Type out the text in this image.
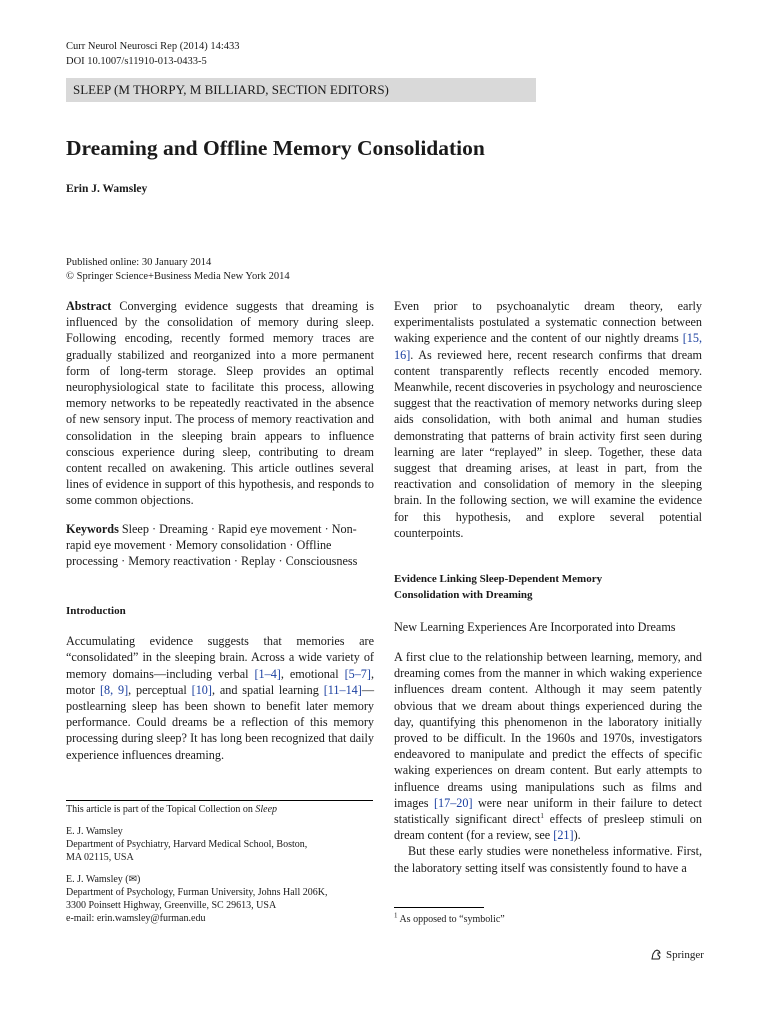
Curr Neurol Neurosci Rep (2014) 14:433
DOI 10.1007/s11910-013-0433-5
SLEEP (M THORPY, M BILLIARD, SECTION EDITORS)
Dreaming and Offline Memory Consolidation
Erin J. Wamsley
Published online: 30 January 2014
© Springer Science+Business Media New York 2014

Abstract Converging evidence suggests that dreaming is influenced by the consolidation of memory during sleep. Following encoding, recently formed memory traces are gradually stabilized and reorganized into a more permanent form of long-term storage. Sleep provides an optimal neurophysiological state to facilitate this process, allowing memory networks to be repeatedly reactivated in the absence of new sensory input. The process of memory reactivation and consolidation in the sleeping brain appears to influence conscious experience during sleep, contributing to dream content recalled on awakening. This article outlines several lines of evidence in support of this hypothesis, and responds to some common objections.

Keywords Sleep · Dreaming · Rapid eye movement · Non-rapid eye movement · Memory consolidation · Offline processing · Memory reactivation · Replay · Consciousness

Introduction

Accumulating evidence suggests that memories are “consolidated” in the sleeping brain. Across a wide variety of memory domains—including verbal [1–4], emotional [5–7], motor [8, 9], perceptual [10], and spatial learning [11–14]—postlearning sleep has been shown to benefit later memory performance. Could dreams be a reflection of this memory processing during sleep? It has long been recognized that daily experience influences dreaming.

This article is part of the Topical Collection on Sleep
E. J. Wamsley
Department of Psychiatry, Harvard Medical School, Boston,
MA 02115, USA
E. J. Wamsley (✉)
Department of Psychology, Furman University, Johns Hall 206K,
3300 Poinsett Highway, Greenville, SC 29613, USA
e-mail: erin.wamsley@furman.edu

Even prior to psychoanalytic dream theory, early experimentalists postulated a systematic connection between waking experience and the content of our nightly dreams [15, 16]. As reviewed here, recent research confirms that dream content transparently reflects recently encoded memory. Meanwhile, recent discoveries in psychology and neuroscience suggest that the reactivation of memory networks during sleep aids consolidation, with both animal and human studies demonstrating that patterns of brain activity first seen during learning are later “replayed” in sleep. Together, these data suggest that dreaming arises, at least in part, from the reactivation and consolidation of memory in the sleeping brain. In the following section, we will examine the evidence for this hypothesis, and explore several potential counterpoints.

Evidence Linking Sleep-Dependent Memory
Consolidation with Dreaming
New Learning Experiences Are Incorporated into Dreams

A first clue to the relationship between learning, memory, and dreaming comes from the manner in which waking experience influences dream content. Although it may seem patently obvious that we dream about things experienced during the day, quantifying this phenomenon in the laboratory initially proved to be difficult. In the 1960s and 1970s, investigators endeavored to manipulate and predict the effects of specific waking experiences on dream content. But early attempts to influence dreams using manipulations such as films and images [17–20] were near uniform in their failure to detect statistically significant direct$^1$ effects of presleep stimuli on dream content (for a review, see [21]).

But these early studies were nonetheless informative. First, the laboratory setting itself was consistently found to have a

$^1$ As opposed to “symbolic”
Springer
